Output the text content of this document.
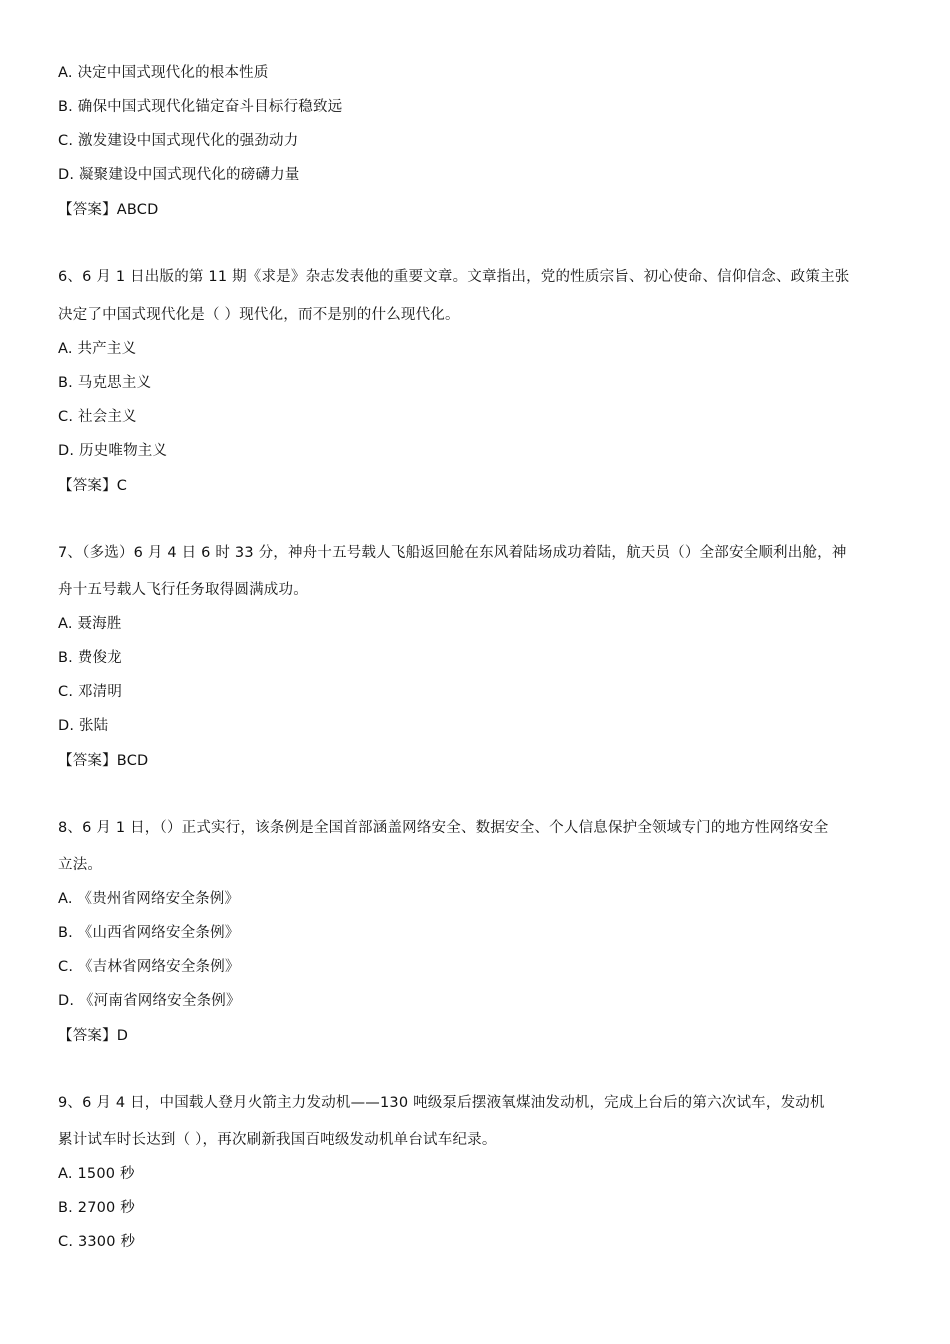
A. 决定中国式现代化的根本性质
B. 确保中国式现代化锚定奋斗目标行稳致远
C. 激发建设中国式现代化的强劲动力
D. 凝聚建设中国式现代化的磅礴力量
【答案】ABCD
6、6 月 1 日出版的第 11 期《求是》杂志发表他的重要文章。文章指出，党的性质宗旨、初心使命、信仰信念、政策主张
决定了中国式现代化是（ ）现代化，而不是别的什么现代化。
A. 共产主义
B. 马克思主义
C. 社会主义
D. 历史唯物主义
【答案】C
7、（多选）6 月 4 日 6 时 33 分，神舟十五号载人飞船返回舱在东风着陆场成功着陆，航天员（）全部安全顺利出舱，神
舟十五号载人飞行任务取得圆满成功。
A. 聂海胜
B. 费俊龙
C. 邓清明
D. 张陆
【答案】BCD
8、6 月 1 日，（）正式实行，该条例是全国首部涵盖网络安全、数据安全、个人信息保护全领域专门的地方性网络安全
立法。
A. 《贵州省网络安全条例》
B. 《山西省网络安全条例》
C. 《吉林省网络安全条例》
D. 《河南省网络安全条例》
【答案】D
9、6 月 4 日，中国载人登月火箭主力发动机——130 吨级泵后摆液氧煤油发动机，完成上台后的第六次试车，发动机
累计试车时长达到（ ），再次刷新我国百吨级发动机单台试车纪录。
A. 1500 秒
B. 2700 秒
C. 3300 秒
